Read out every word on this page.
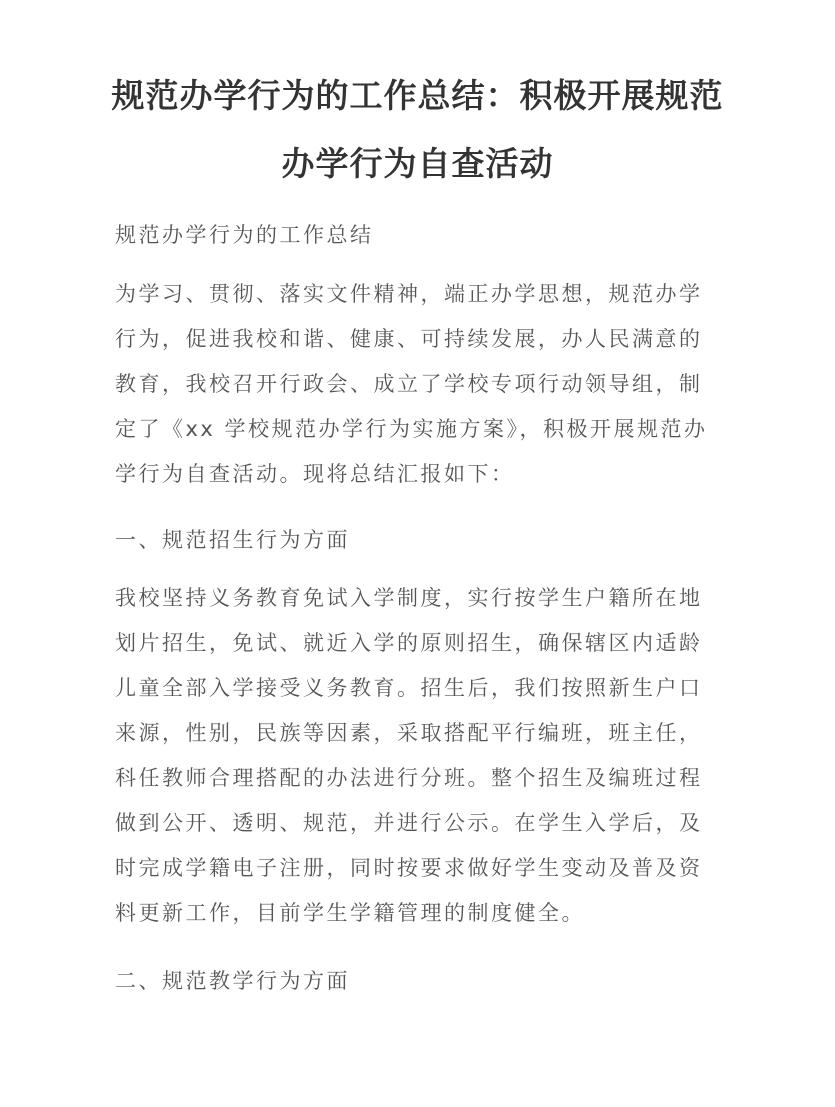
规范办学行为的工作总结：积极开展规范
办学行为自查活动
规范办学行为的工作总结
为学习、贯彻、落实文件精神，端正办学思想，规范办学
行为，促进我校和谐、健康、可持续发展，办人民满意的
教育，我校召开行政会、成立了学校专项行动领导组，制
定了《xx 学校规范办学行为实施方案》，积极开展规范办
学行为自查活动。现将总结汇报如下：
一、规范招生行为方面
我校坚持义务教育免试入学制度，实行按学生户籍所在地
划片招生，免试、就近入学的原则招生，确保辖区内适龄
儿童全部入学接受义务教育。招生后，我们按照新生户口
来源，性别，民族等因素，采取搭配平行编班，班主任，
科任教师合理搭配的办法进行分班。整个招生及编班过程
做到公开、透明、规范，并进行公示。在学生入学后，及
时完成学籍电子注册，同时按要求做好学生变动及普及资
料更新工作，目前学生学籍管理的制度健全。
二、规范教学行为方面
